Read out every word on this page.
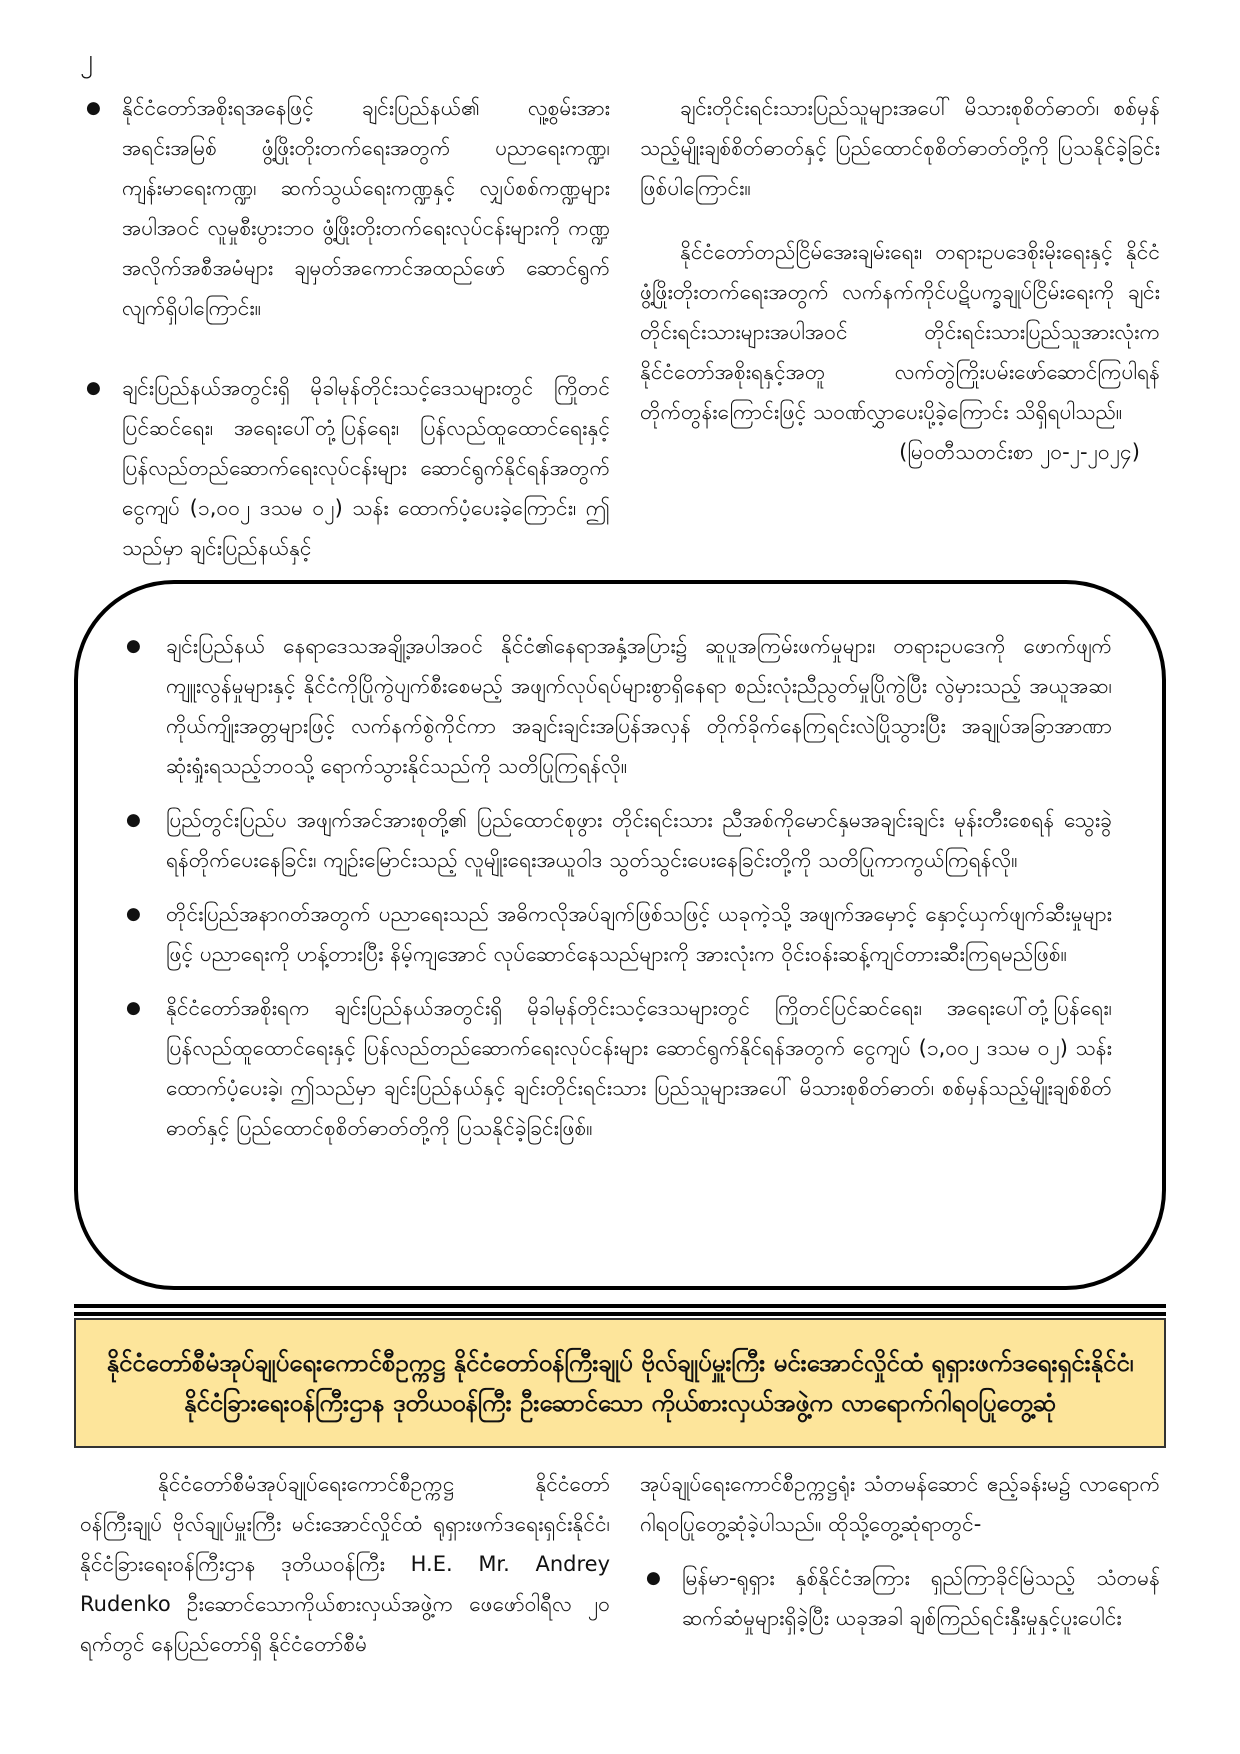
၂
● နိုင်ငံတော်အစိုးရအနေဖြင့် ချင်းပြည်နယ်၏ လူ့စွမ်းအားအရင်းအမြစ် ဖွံ့ဖြိုးတိုးတက်ရေးအတွက် ပညာရေးကဏ္ဍ၊ ကျန်းမာရေးကဏ္ဍ၊ ဆက်သွယ်ရေးကဏ္ဍနှင့် လျှပ်စစ်ကဏ္ဍများအပါအဝင် လူမှုစီးပွားဘဝ ဖွံ့ဖြိုးတိုးတက်ရေးလုပ်ငန်းများကို ကဏ္ဍအလိုက်အစီအမံများ ချမှတ်အကောင်အထည်ဖော် ဆောင်ရွက်လျက်ရှိပါကြောင်း။
● ချင်းပြည်နယ်အတွင်းရှိ မိုခါမုန်တိုင်းသင့်ဒေသများတွင် ကြိုတင်ပြင်ဆင်ရေး၊ အရေးပေါ်တုံ့ပြန်ရေး၊ ပြန်လည်ထူထောင်ရေးနှင့် ပြန်လည်တည်ဆောက်ရေးလုပ်ငန်းများ ဆောင်ရွက်နိုင်ရန်အတွက် ငွေကျပ် (၁,၀၀၂ ဒသမ ၀၂) သန်း ထောက်ပံ့ပေးခဲ့ကြောင်း၊ ဤသည်မှာ ချင်းပြည်နယ်နှင့်

ချင်းတိုင်းရင်းသားပြည်သူများအပေါ် မိသားစုစိတ်ဓာတ်၊ စစ်မှန်သည့်မျိုးချစ်စိတ်ဓာတ်နှင့် ပြည်ထောင်စုစိတ်ဓာတ်တို့ကို ပြသနိုင်ခဲ့ခြင်းဖြစ်ပါကြောင်း။

နိုင်ငံတော်တည်ငြိမ်အေးချမ်းရေး၊ တရားဥပဒေစိုးမိုးရေးနှင့် နိုင်ငံဖွံ့ဖြိုးတိုးတက်ရေးအတွက် လက်နက်ကိုင်ပဋိပက္ခချုပ်ငြိမ်းရေးကို ချင်းတိုင်းရင်းသားများအပါအဝင် တိုင်းရင်းသားပြည်သူအားလုံးက နိုင်ငံတော်အစိုးရနှင့်အတူ လက်တွဲကြိုးပမ်းဖော်ဆောင်ကြပါရန် တိုက်တွန်းကြောင်းဖြင့် သဝဏ်လွှာပေးပို့ခဲ့ကြောင်း သိရှိရပါသည်။

(မြဝတီသတင်းစာ ၂၀-၂-၂၀၂၄)

● ချင်းပြည်နယ် နေရာဒေသအချို့အပါအဝင် နိုင်ငံ၏နေရာအနှံ့အပြား၌ ဆူပူအကြမ်းဖက်မှုများ၊ တရားဥပဒေကို ဖောက်ဖျက်ကျူးလွန်မှုများနှင့် နိုင်ငံကိုပြိုကွဲပျက်စီးစေမည့် အဖျက်လုပ်ရပ်များစွာရှိနေရာ စည်းလုံးညီညွတ်မှုပြိုကွဲပြီး လွဲမှားသည့် အယူအဆ၊ ကိုယ်ကျိုးအတ္တများဖြင့် လက်နက်စွဲကိုင်ကာ အချင်းချင်းအပြန်အလှန် တိုက်ခိုက်နေကြရင်းလဲပြိုသွားပြီး အချုပ်အခြာအာဏာ ဆုံးရှုံးရသည့်ဘဝသို့ ရောက်သွားနိုင်သည်ကို သတိပြုကြရန်လို။
● ပြည်တွင်းပြည်ပ အဖျက်အင်အားစုတို့၏ ပြည်ထောင်စုဖွား တိုင်းရင်းသား ညီအစ်ကိုမောင်နှမအချင်းချင်း မုန်းတီးစေရန် သွေးခွဲရန်တိုက်ပေးနေခြင်း၊ ကျဉ်းမြောင်းသည့် လူမျိုးရေးအယူဝါဒ သွတ်သွင်းပေးနေခြင်းတို့ကို သတိပြုကာကွယ်ကြရန်လို။
● တိုင်းပြည်အနာဂတ်အတွက် ပညာရေးသည် အဓိကလိုအပ်ချက်ဖြစ်သဖြင့် ယခုကဲ့သို့ အဖျက်အမှောင့် နှောင့်ယှက်ဖျက်ဆီးမှုများဖြင့် ပညာရေးကို ဟန့်တားပြီး နိမ့်ကျအောင် လုပ်ဆောင်နေသည်များကို အားလုံးက ဝိုင်းဝန်းဆန့်ကျင်တားဆီးကြရမည်ဖြစ်။
● နိုင်ငံတော်အစိုးရက ချင်းပြည်နယ်အတွင်းရှိ မိုခါမုန်တိုင်းသင့်ဒေသများတွင် ကြိုတင်ပြင်ဆင်ရေး၊ အရေးပေါ်တုံ့ပြန်ရေး၊ ပြန်လည်ထူထောင်ရေးနှင့် ပြန်လည်တည်ဆောက်ရေးလုပ်ငန်းများ ဆောင်ရွက်နိုင်ရန်အတွက် ငွေကျပ် (၁,၀၀၂ ဒသမ ၀၂) သန်း ထောက်ပံ့ပေးခဲ့၊ ဤသည်မှာ ချင်းပြည်နယ်နှင့် ချင်းတိုင်းရင်းသား ပြည်သူများအပေါ် မိသားစုစိတ်ဓာတ်၊ စစ်မှန်သည့်မျိုးချစ်စိတ်ဓာတ်နှင့် ပြည်ထောင်စုစိတ်ဓာတ်တို့ကို ပြသနိုင်ခဲ့ခြင်းဖြစ်။
နိုင်ငံတော်စီမံအုပ်ချုပ်ရေးကောင်စီဥက္ကဋ္ဌ နိုင်ငံတော်ဝန်ကြီးချုပ် ဗိုလ်ချုပ်မှူးကြီး မင်းအောင်လှိုင်ထံ ရုရှားဖက်ဒရေးရှင်းနိုင်ငံ၊ နိုင်ငံခြားရေးဝန်ကြီးဌာန ဒုတိယဝန်ကြီး ဦးဆောင်သော ကိုယ်စားလှယ်အဖွဲ့က လာရောက်ဂါရဝပြုတွေ့ဆုံ

နိုင်ငံတော်စီမံအုပ်ချုပ်ရေးကောင်စီဥက္ကဋ္ဌ နိုင်ငံတော်ဝန်ကြီးချုပ် ဗိုလ်ချုပ်မှူးကြီး မင်းအောင်လှိုင်ထံ ရုရှားဖက်ဒရေးရှင်းနိုင်ငံ၊ နိုင်ငံခြားရေးဝန်ကြီးဌာန ဒုတိယဝန်ကြီး H.E. Mr. Andrey Rudenko ဦးဆောင်သောကိုယ်စားလှယ်အဖွဲ့က ဖေဖော်ဝါရီလ ၂၀ ရက်တွင် နေပြည်တော်ရှိ နိုင်ငံတော်စီမံ

အုပ်ချုပ်ရေးကောင်စီဥက္ကဋ္ဌရုံး သံတမန်ဆောင် ဧည့်ခန်းမ၌ လာရောက်ဂါရဝပြုတွေ့ဆုံခဲ့ပါသည်။ ထိုသို့တွေ့ဆုံရာတွင်-

● မြန်မာ-ရုရှား နှစ်နိုင်ငံအကြား ရှည်ကြာခိုင်မြဲသည့် သံတမန်ဆက်ဆံမှုများရှိခဲ့ပြီး ယခုအခါ ချစ်ကြည်ရင်းနှီးမှုနှင့်ပူးပေါင်း
